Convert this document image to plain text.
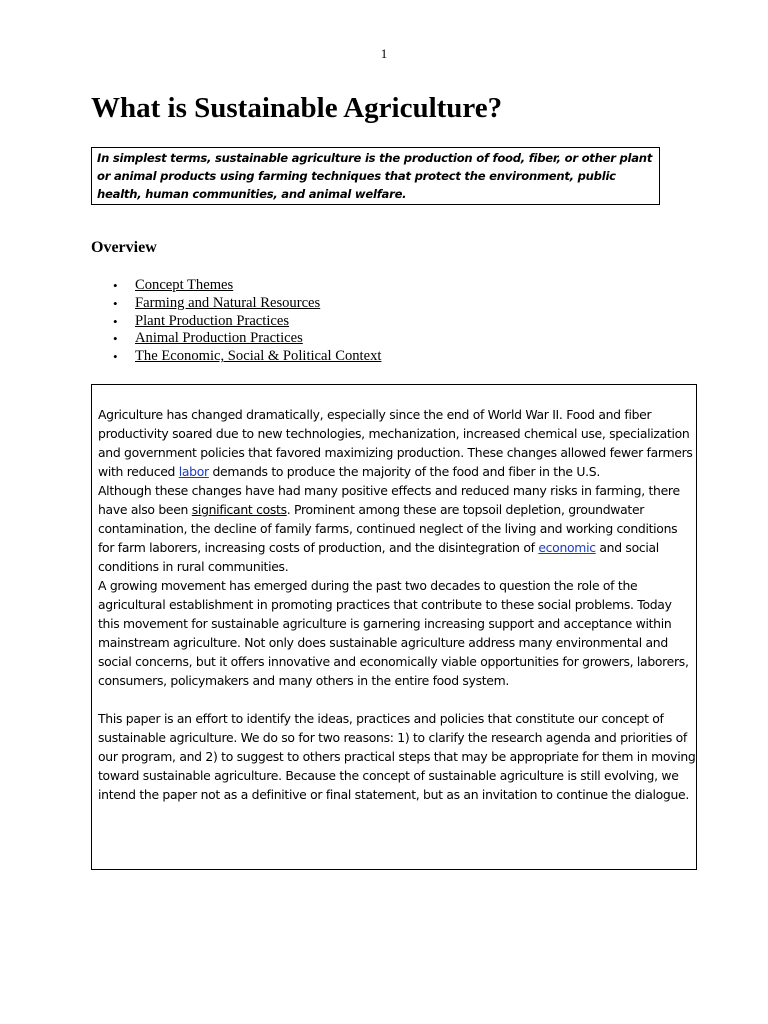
1
What is Sustainable Agriculture?
In simplest terms, sustainable agriculture is the production of food, fiber, or other plant or animal products using farming techniques that protect the environment, public health, human communities, and animal welfare.
Overview
• Concept Themes
• Farming and Natural Resources
• Plant Production Practices
• Animal Production Practices
• The Economic, Social & Political Context

Agriculture has changed dramatically, especially since the end of World War II. Food and fiber productivity soared due to new technologies, mechanization, increased chemical use, specialization and government policies that favored maximizing production. These changes allowed fewer farmers with reduced labor demands to produce the majority of the food and fiber in the U.S.

Although these changes have had many positive effects and reduced many risks in farming, there have also been significant costs. Prominent among these are topsoil depletion, groundwater contamination, the decline of family farms, continued neglect of the living and working conditions for farm laborers, increasing costs of production, and the disintegration of economic and social conditions in rural communities.

A growing movement has emerged during the past two decades to question the role of the agricultural establishment in promoting practices that contribute to these social problems. Today this movement for sustainable agriculture is garnering increasing support and acceptance within mainstream agriculture. Not only does sustainable agriculture address many environmental and social concerns, but it offers innovative and economically viable opportunities for growers, laborers, consumers, policymakers and many others in the entire food system.

This paper is an effort to identify the ideas, practices and policies that constitute our concept of sustainable agriculture. We do so for two reasons: 1) to clarify the research agenda and priorities of our program, and 2) to suggest to others practical steps that may be appropriate for them in moving toward sustainable agriculture. Because the concept of sustainable agriculture is still evolving, we intend the paper not as a definitive or final statement, but as an invitation to continue the dialogue.
